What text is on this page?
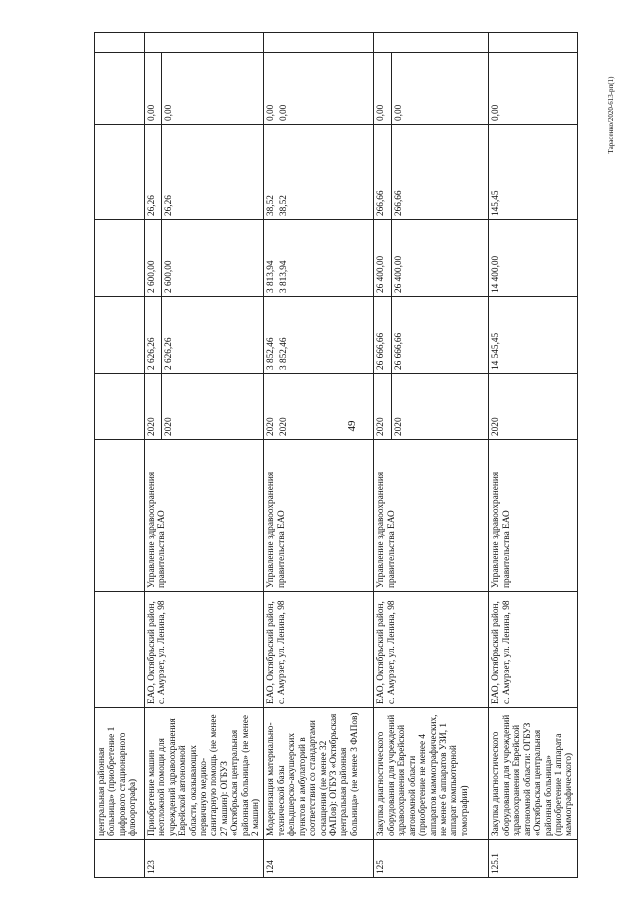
49
Тарасенко/2020-613-рп(1)
	центральная районная больница» (приобретение 1 цифрового стационарного флюорографа)								
123	Приобретение машин неотложной помощи для учреждений здравоохранения Еврейской автономной области, оказывающих первичную медико-санитарную помощь (не менее 27 машин): ОГБУЗ «Октябрьская центральная районная больница» (не менее 2 машин)	ЕАО, Октябрьский район, с. Амурзет, ул. Ленина, 98	Управление здравоохранения правительства ЕАО	2020 2020	2 626,26 2 626,26	2 600,00 2 600,00	26,26 26,26	0,00 0,00	

124	Модернизация материально-технической базы фельдшерско-акушерских пунктов и амбулаторий в соответствии со стандартами оснащения (не менее 32 ФАПов): ОГБУЗ «Октябрьская центральная районная больница» (не менее 3 ФАПов)	ЕАО, Октябрьский район, с. Амурзет, ул. Ленина, 98	Управление здравоохранения правительства ЕАО	2020 2020	3 852,46 3 852,46	3 813,94 3 813,94	38,52 38,52	0,00 0,00	

125	Закупка диагностического оборудования для учреждений здравоохранения Еврейской автономной области (приобретение не менее 4 аппаратов маммографических, не менее 6 аппаратов УЗИ, 1 аппарат компьютерной томографии)	ЕАО, Октябрьский район, с. Амурзет, ул. Ленина, 98	Управление здравоохранения правительства ЕАО	2020 2020	26 666,66 26 666,66	26 400,00 26 400,00	266,66 266,66	0,00 0,00	

125.1	Закупка диагностического оборудования для учреждений здравоохранения Еврейской автономной области: ОГБУЗ «Октябрьская центральная районная больница» (приобретение 1 аппарата маммографического)	ЕАО, Октябрьский район, с. Амурзет, ул. Ленина, 98	Управление здравоохранения правительства ЕАО	2020	14 545,45	14 400,00	145,45	0,00	
